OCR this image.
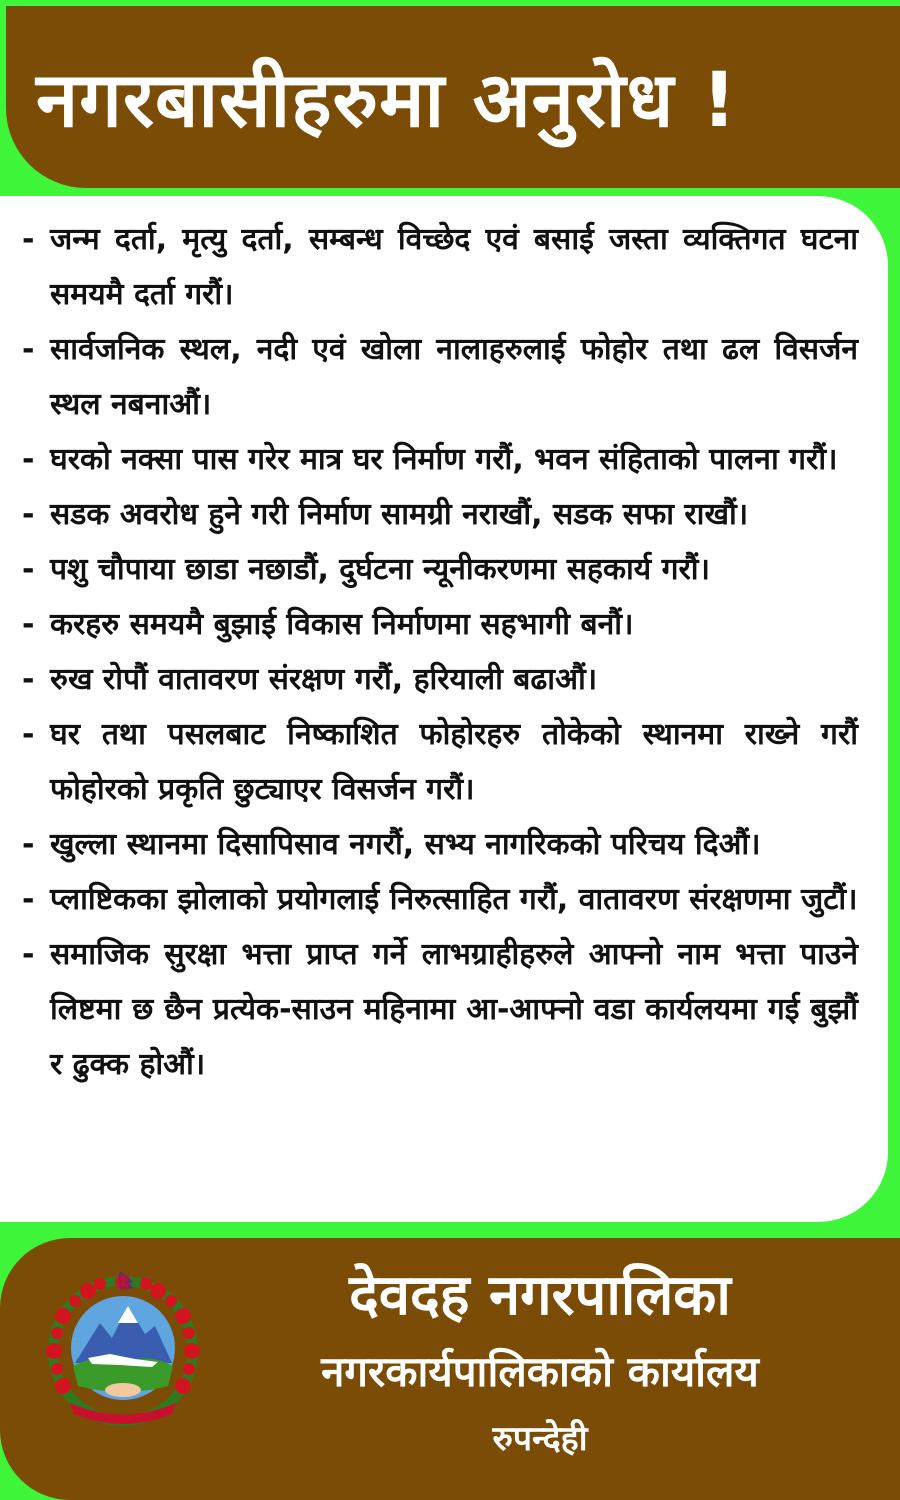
नगरबासीहरुमा अनुरोध !
- जन्म दर्ता, मृत्यु दर्ता, सम्बन्ध विच्छेद एवं बसाई जस्ता व्यक्तिगत घटना समयमै दर्ता गरौं।
- सार्वजनिक स्थल, नदी एवं खोला नालाहरुलाई फोहोर तथा ढल विसर्जन स्थल नबनाऔं।
- घरको नक्सा पास गरेर मात्र घर निर्माण गरौं, भवन संहिताको पालना गरौं।
- सडक अवरोध हुने गरी निर्माण सामग्री नराखौं, सडक सफा राखौं।
- पशु चौपाया छाडा नछाडौं, दुर्घटना न्यूनीकरणमा सहकार्य गरौं।
- करहरु समयमै बुझाई विकास निर्माणमा सहभागी बनौं।
- रुख रोपौं वातावरण संरक्षण गरौं, हरियाली बढाऔं।
- घर तथा पसलबाट निष्काशित फोहोरहरु तोकेको स्थानमा राख्ने गरौं फोहोरको प्रकृति छुट्याएर विसर्जन गरौं।
- खुल्ला स्थानमा दिसापिसाव नगरौं, सभ्य नागरिकको परिचय दिऔं।
- प्लाष्टिकका झोलाको प्रयोगलाई निरुत्साहित गरौं, वातावरण संरक्षणमा जुटौं।
- समाजिक सुरक्षा भत्ता प्राप्त गर्ने लाभग्राहीहरुले आफ्नो नाम भत्ता पाउने लिष्टमा छ छैन प्रत्येक-साउन महिनामा आ-आफ्नो वडा कार्यलयमा गई बुझौं र ढुक्क होऔं।
देवदह नगरपालिका
नगरकार्यपालिकाको कार्यालय
रुपन्देही
